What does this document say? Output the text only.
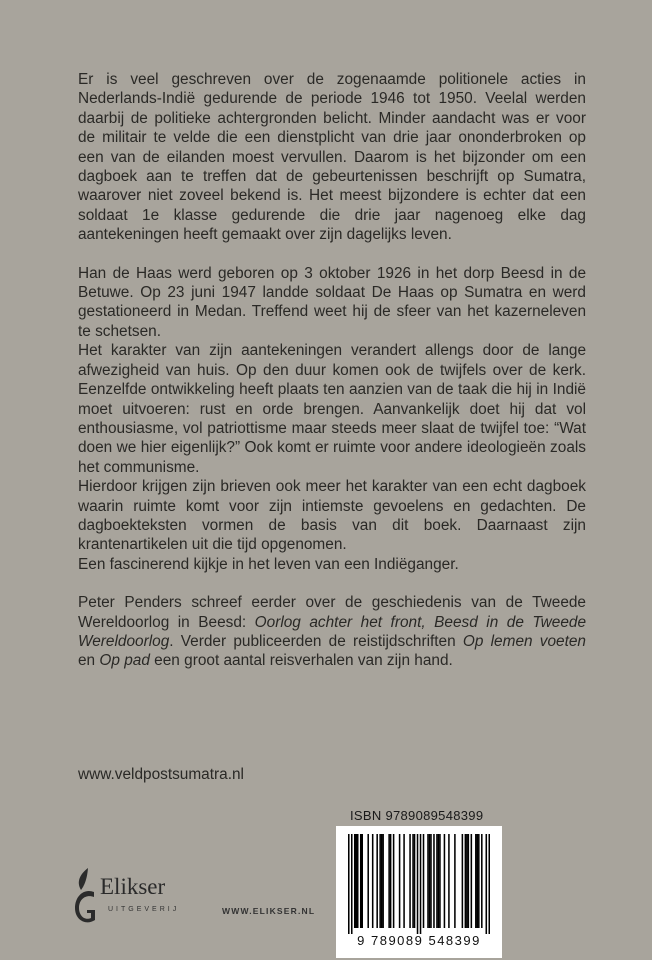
Er is veel geschreven over de zogenaamde politionele acties in Nederlands-Indië gedurende de periode 1946 tot 1950. Veelal werden daarbij de politieke achtergronden belicht. Minder aandacht was er voor de militair te velde die een dienstplicht van drie jaar ononderbroken op een van de eilanden moest vervullen. Daarom is het bijzonder om een dagboek aan te treffen dat de gebeurtenissen beschrijft op Sumatra, waarover niet zoveel bekend is. Het meest bijzondere is echter dat een soldaat 1e klasse gedurende die drie jaar nagenoeg elke dag aantekeningen heeft gemaakt over zijn dagelijks leven.

Han de Haas werd geboren op 3 oktober 1926 in het dorp Beesd in de Betuwe. Op 23 juni 1947 landde soldaat De Haas op Sumatra en werd gestationeerd in Medan. Treffend weet hij de sfeer van het kazerneleven te schetsen.

Het karakter van zijn aantekeningen verandert allengs door de lange afwezigheid van huis. Op den duur komen ook de twijfels over de kerk. Eenzelfde ontwikkeling heeft plaats ten aanzien van de taak die hij in Indië moet uitvoeren: rust en orde brengen. Aanvankelijk doet hij dat vol enthousiasme, vol patriottisme maar steeds meer slaat de twijfel toe: “Wat doen we hier eigenlijk?” Ook komt er ruimte voor andere ideologieën zoals het communisme.

Hierdoor krijgen zijn brieven ook meer het karakter van een echt dagboek waarin ruimte komt voor zijn intiemste gevoelens en gedachten. De dagboekteksten vormen de basis van dit boek. Daarnaast zijn krantenartikelen uit die tijd opgenomen.

Een fascinerend kijkje in het leven van een Indiëganger.

Peter Penders schreef eerder over de geschiedenis van de Tweede Wereldoorlog in Beesd: Oorlog achter het front, Beesd in de Tweede Wereldoorlog. Verder publiceerden de reistijdschriften Op lemen voeten en Op pad een groot aantal reisverhalen van zijn hand.

www.veldpostsumatra.nl
ISBN 9789089548399
9 789089 548399
Elikser
UITGEVERIJ	WWW.ELIKSER.NL
